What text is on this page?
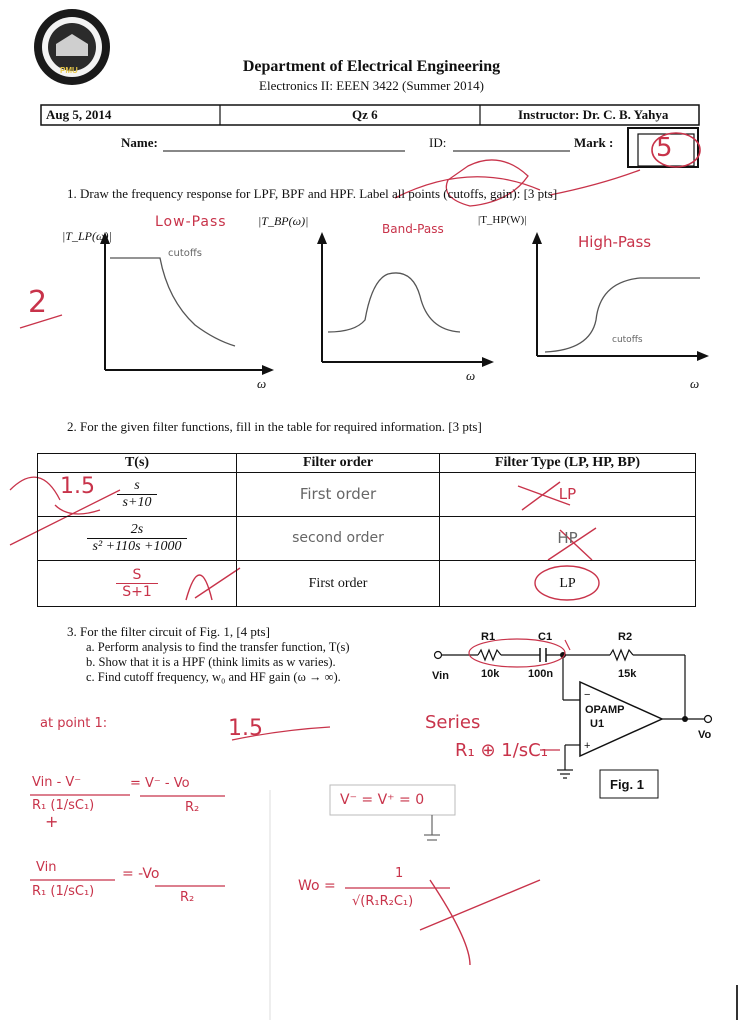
Department of Electrical Engineering
Electronics II: EEEN 3422 (Summer 2014)
PMU
Aug 5, 2014	Qz 6	Instructor: Dr. C. B. Yahya
Name:	ID:	Mark : 5
1. Draw the frequency response for LPF, BPF and HPF. Label all points (cutoffs, gain): [3 pts]
|T_LP(ω)|
|T_BP(ω)|	|T_HP(W)|
ω
ω
ω
Low-Pass	Band-Pass
High-Pass
cutoffs
cutoffs
2
2. For the given filter functions, fill in the table for required information. [3 pts]
1.5
T(s)	Filter order	Filter Type (LP, HP, BP)

$\frac{s}{s+10}$	First order	LP

$\frac{2s}{\text{s² +110s +1000}}$	second order	HP

$\frac{S}{S+1}$	First order	LP
3. For the filter circuit of Fig. 1, [4 pts]
a. Perform analysis to find the transfer function, T(s)
b. Show that it is a HPF (think limits as w varies).
c. Find cutoff frequency, w₀ and HF gain (ω → ∞).
R1
10k
C1
100n
R2
15k
Vin
OPAMP
U1
Vo
Fig. 1
−
+
at point 1:	1.5	Series
R₁ ⊕ 1/sC₁
Vin - V⁻
R₁ (1/sC₁)
+
= V⁻ - Vo
R₂	V⁻ = V⁺ = 0
Vin
R₁ (1/sC₁)
= -Vo
R₂
Wo =
1
√(R₁R₂C₁)
